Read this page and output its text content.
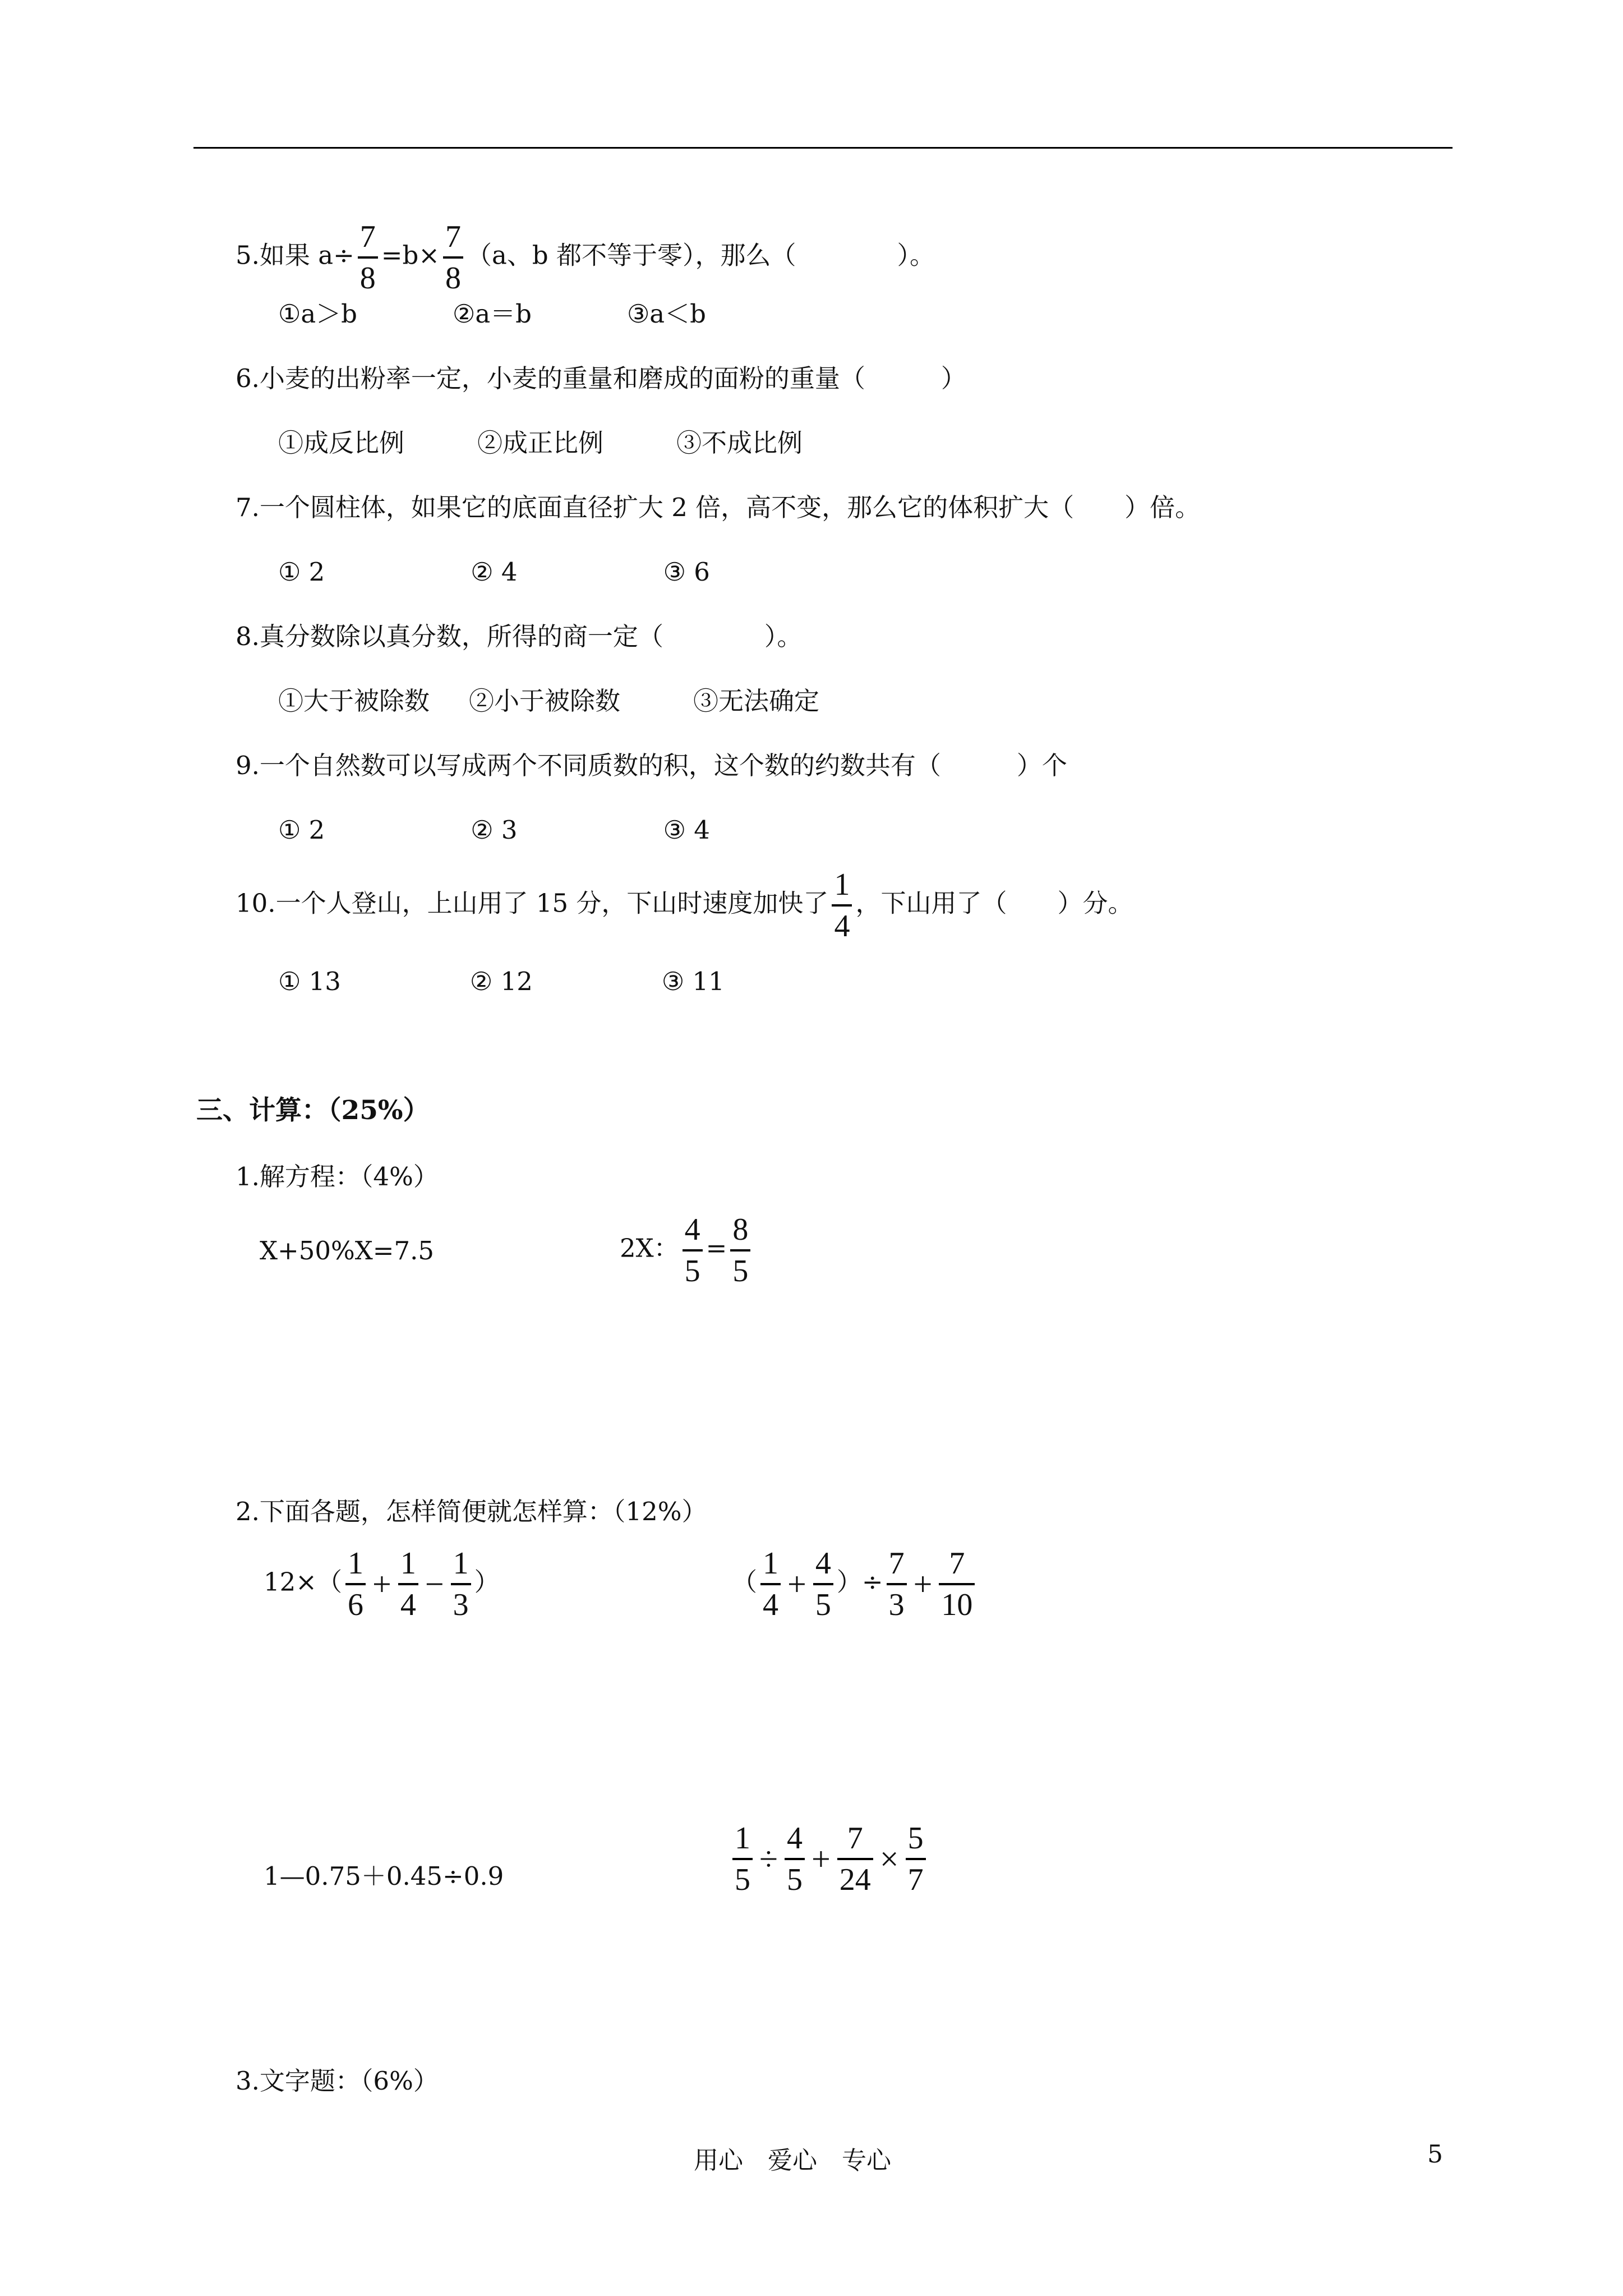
5.如果 $a\div \frac{7}{8} =b\times \frac{7}{8} (a$、b 都不等于零），那么（　　　　）。
①a＞b	②a＝b	③a＜b
6.小麦的出粉率一定，小麦的重量和磨成的面粉的重量（　　　）
①成反比例	②成正比例	③不成比例
7.一个圆柱体，如果它的底面直径扩大 2 倍，高不变，那么它的体积扩大（　　）倍。
① 2	② 4	③ 6
8.真分数除以真分数，所得的商一定（　　　　）。
①大于被除数 ②小于被除数	③无法确定
9.一个自然数可以写成两个不同质数的积，这个数的约数共有（　　　）个
① 2	② 3	③ 4
10.一个人登山，上山用了 15 分，下山时速度加快了 $\frac{1}{4}$ ，下山用了（　　）分。
① 13	② 12	③ 11
三、计算：（25%）
1.解方程：（4%）
X+50%X=7.5	2X： $\frac{4}{5} = \frac{8}{5}$
2.下面各题，怎样简便就怎样算：（12%）
$12\times( \frac{1}{6} + \frac{1}{4} - \frac{1}{3}$ ）	（ $\frac{1}{4} + \frac{4}{5}$ ）÷ $\frac{7}{3} + \frac{7}{10}$
1—0.75＋0.45÷0.9	$\frac{1}{5} \div \frac{4}{5} + \frac{7}{24} \times \frac{5}{7}$
3.文字题：（6%）
用心　爱心　专心	5
